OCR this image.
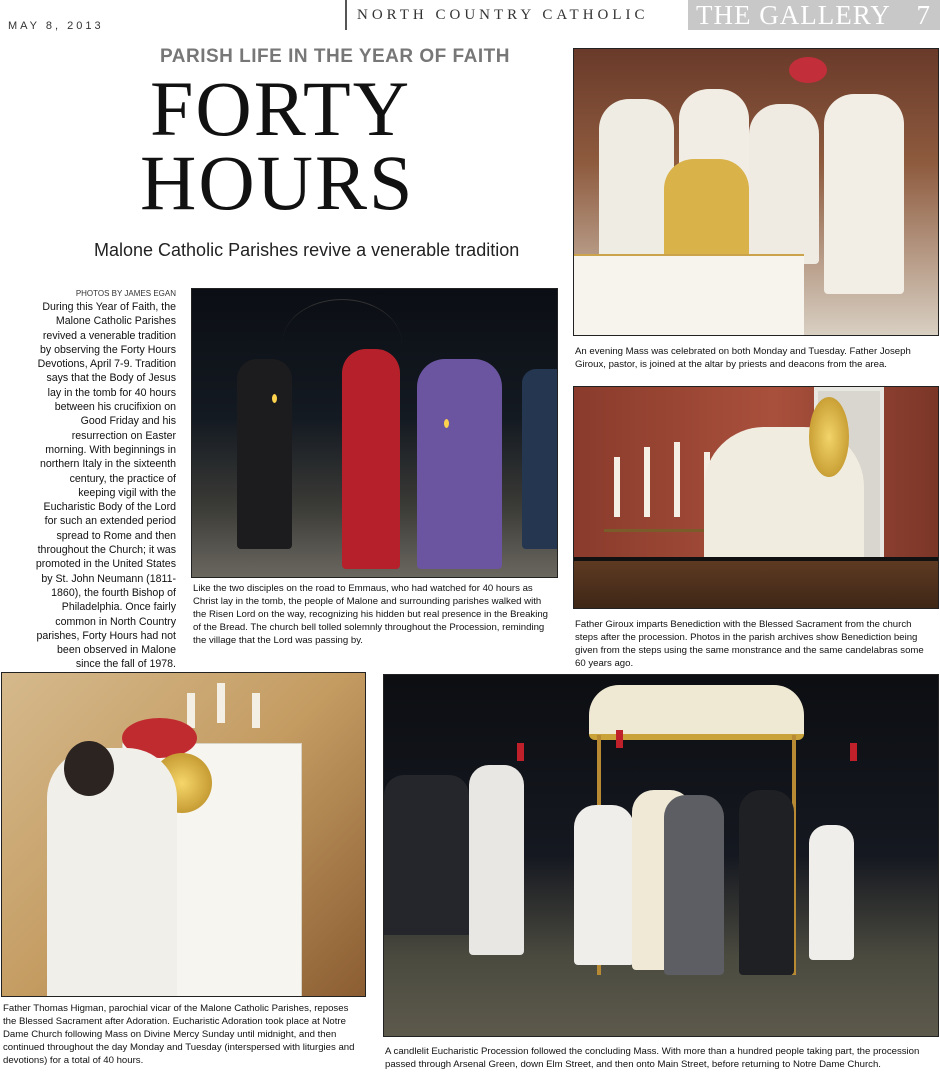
MAY 8, 2013
NORTH COUNTRY CATHOLIC	THE GALLERY 7
PARISH LIFE IN THE YEAR OF FAITH
FORTY
HOURS
Malone Catholic Parishes revive a venerable tradition
PHOTOS BY JAMES EGAN
During this Year of Faith, the Malone Catholic Parishes revived a venerable tradition by observing the Forty Hours Devotions, April 7-9. Tradition says that the Body of Jesus lay in the tomb for 40 hours between his crucifixion on Good Friday and his resurrection on Easter morning. With beginnings in northern Italy in the sixteenth century, the practice of keeping vigil with the Eucharistic Body of the Lord for such an extended period spread to Rome and then throughout the Church; it was promoted in the United States by St. John Neumann (1811-1860), the fourth Bishop of Philadelphia. Once fairly common in North Country parishes, Forty Hours had not been observed in Malone since the fall of 1978.
Like the two disciples on the road to Emmaus, who had watched for 40 hours as Christ lay in the tomb, the people of Malone and surrounding parishes walked with the Risen Lord on the way, recognizing his hidden but real presence in the Breaking of the Bread. The church bell tolled solemnly throughout the Procession, reminding the village that the Lord was passing by.
An evening Mass was celebrated on both Monday and Tuesday. Father Joseph Giroux, pastor, is joined at the altar by priests and deacons from the area.
Father Giroux imparts Benediction with the Blessed Sacrament from the church steps after the procession. Photos in the parish archives show Benediction being given from the steps using the same monstrance and the same candelabras some 60 years ago.
Father Thomas Higman, parochial vicar of the Malone Catholic Parishes, reposes the Blessed Sacrament after Adoration. Eucharistic Adoration took place at Notre Dame Church following Mass on Divine Mercy Sunday until midnight, and then continued throughout the day Monday and Tuesday (interspersed with liturgies and devotions) for a total of 40 hours.
A candlelit Eucharistic Procession followed the concluding Mass. With more than a hundred people taking part, the procession passed through Arsenal Green, down Elm Street, and then onto Main Street, before returning to Notre Dame Church.
